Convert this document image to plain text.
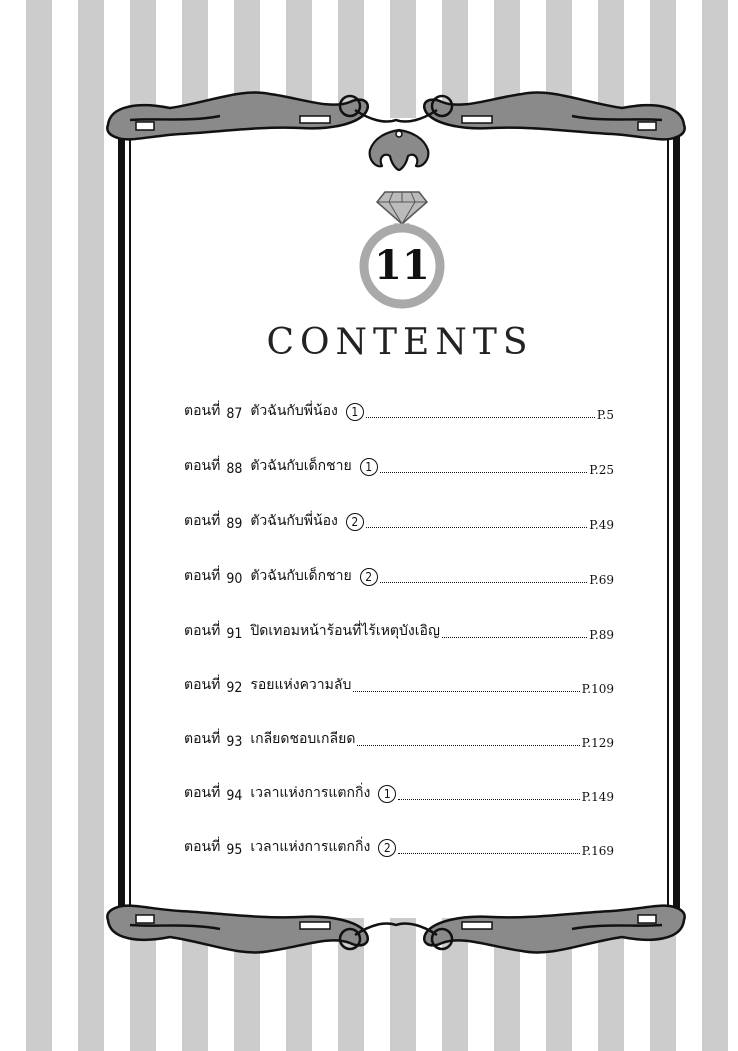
11
CONTENTS
ตอนที่ 87 ตัวฉันกับพี่น้อง	1	P.5
ตอนที่ 88 ตัวฉันกับเด็กชาย	1	P.25
ตอนที่ 89 ตัวฉันกับพี่น้อง	2	P.49
ตอนที่ 90 ตัวฉันกับเด็กชาย	2	P.69
ตอนที่ 91 ปิดเทอมหน้าร้อนที่ไร้เหตุบังเอิญ	P.89
ตอนที่ 92 รอยแห่งความลับ	P.109
ตอนที่ 93 เกลียดชอบเกลียด	P.129
ตอนที่ 94 เวลาแห่งการแตกกิ่ง	1	P.149
ตอนที่ 95 เวลาแห่งการแตกกิ่ง	2	P.169
